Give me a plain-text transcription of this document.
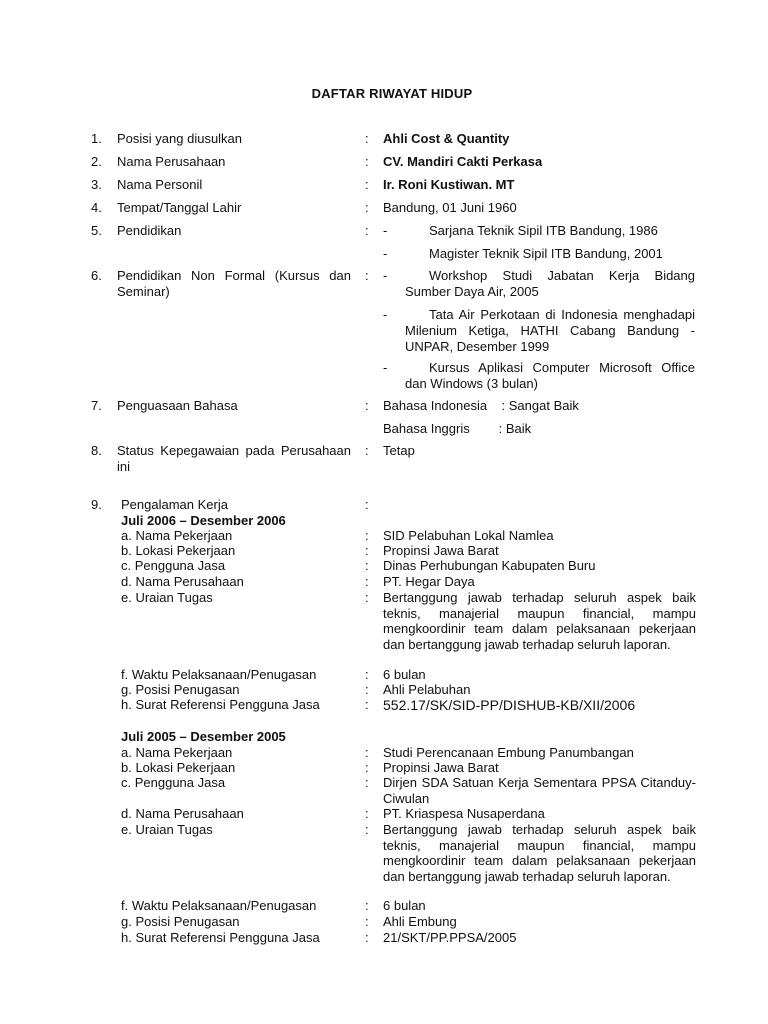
DAFTAR RIWAYAT HIDUP
1. Posisi yang diusulkan	: Ahli Cost & Quantity
2. Nama Perusahaan	: CV. Mandiri Cakti Perkasa
3. Nama Personil	: Ir. Roni Kustiwan. MT
4. Tempat/Tanggal Lahir	: Bandung, 01 Juni 1960
5. Pendidikan	: -	Sarjana Teknik Sipil ITB Bandung, 1986
-	Magister Teknik Sipil ITB Bandung, 2001
6. Pendidikan Non Formal (Kursus dan Seminar)
: -	Workshop Studi Jabatan Kerja Bidang Sumber Daya Air, 2005
-	Tata Air Perkotaan di Indonesia menghadapi Milenium Ketiga, HATHI Cabang Bandung - UNPAR, Desember 1999
-	Kursus Aplikasi Computer Microsoft Office dan Windows (3 bulan)
7. Penguasaan Bahasa	: Bahasa Indonesia    : Sangat Baik
Bahasa Inggris        : Baik
8. Status Kepegawaian pada Perusahaan ini
: Tetap
9. Pengalaman Kerja	:
Juli 2006 – Desember 2006
a. Nama Pekerjaan	: SID Pelabuhan Lokal Namlea
b. Lokasi Pekerjaan	: Propinsi Jawa Barat
c. Pengguna Jasa	: Dinas Perhubungan Kabupaten Buru
d. Nama Perusahaan	: PT. Hegar Daya
e. Uraian Tugas	: Bertanggung jawab terhadap seluruh aspek baik teknis, manajerial maupun financial, mampu mengkoordinir team dalam pelaksanaan pekerjaan dan bertanggung jawab terhadap seluruh laporan.
f. Waktu Pelaksanaan/Penugasan	: 6 bulan
g. Posisi Penugasan	: Ahli Pelabuhan
h. Surat Referensi Pengguna Jasa	: 552.17/SK/SID-PP/DISHUB-KB/XII/2006
Juli 2005 – Desember 2005
a. Nama Pekerjaan	: Studi Perencanaan Embung Panumbangan
b. Lokasi Pekerjaan	: Propinsi Jawa Barat
c. Pengguna Jasa	: Dirjen SDA Satuan Kerja Sementara PPSA Citanduy-Ciwulan
d. Nama Perusahaan	: PT. Kriaspesa Nusaperdana
e. Uraian Tugas	: Bertanggung jawab terhadap seluruh aspek baik teknis, manajerial maupun financial, mampu mengkoordinir team dalam pelaksanaan pekerjaan dan bertanggung jawab terhadap seluruh laporan.
f. Waktu Pelaksanaan/Penugasan	: 6 bulan
g. Posisi Penugasan	: Ahli Embung
h. Surat Referensi Pengguna Jasa	: 21/SKT/PP.PPSA/2005
